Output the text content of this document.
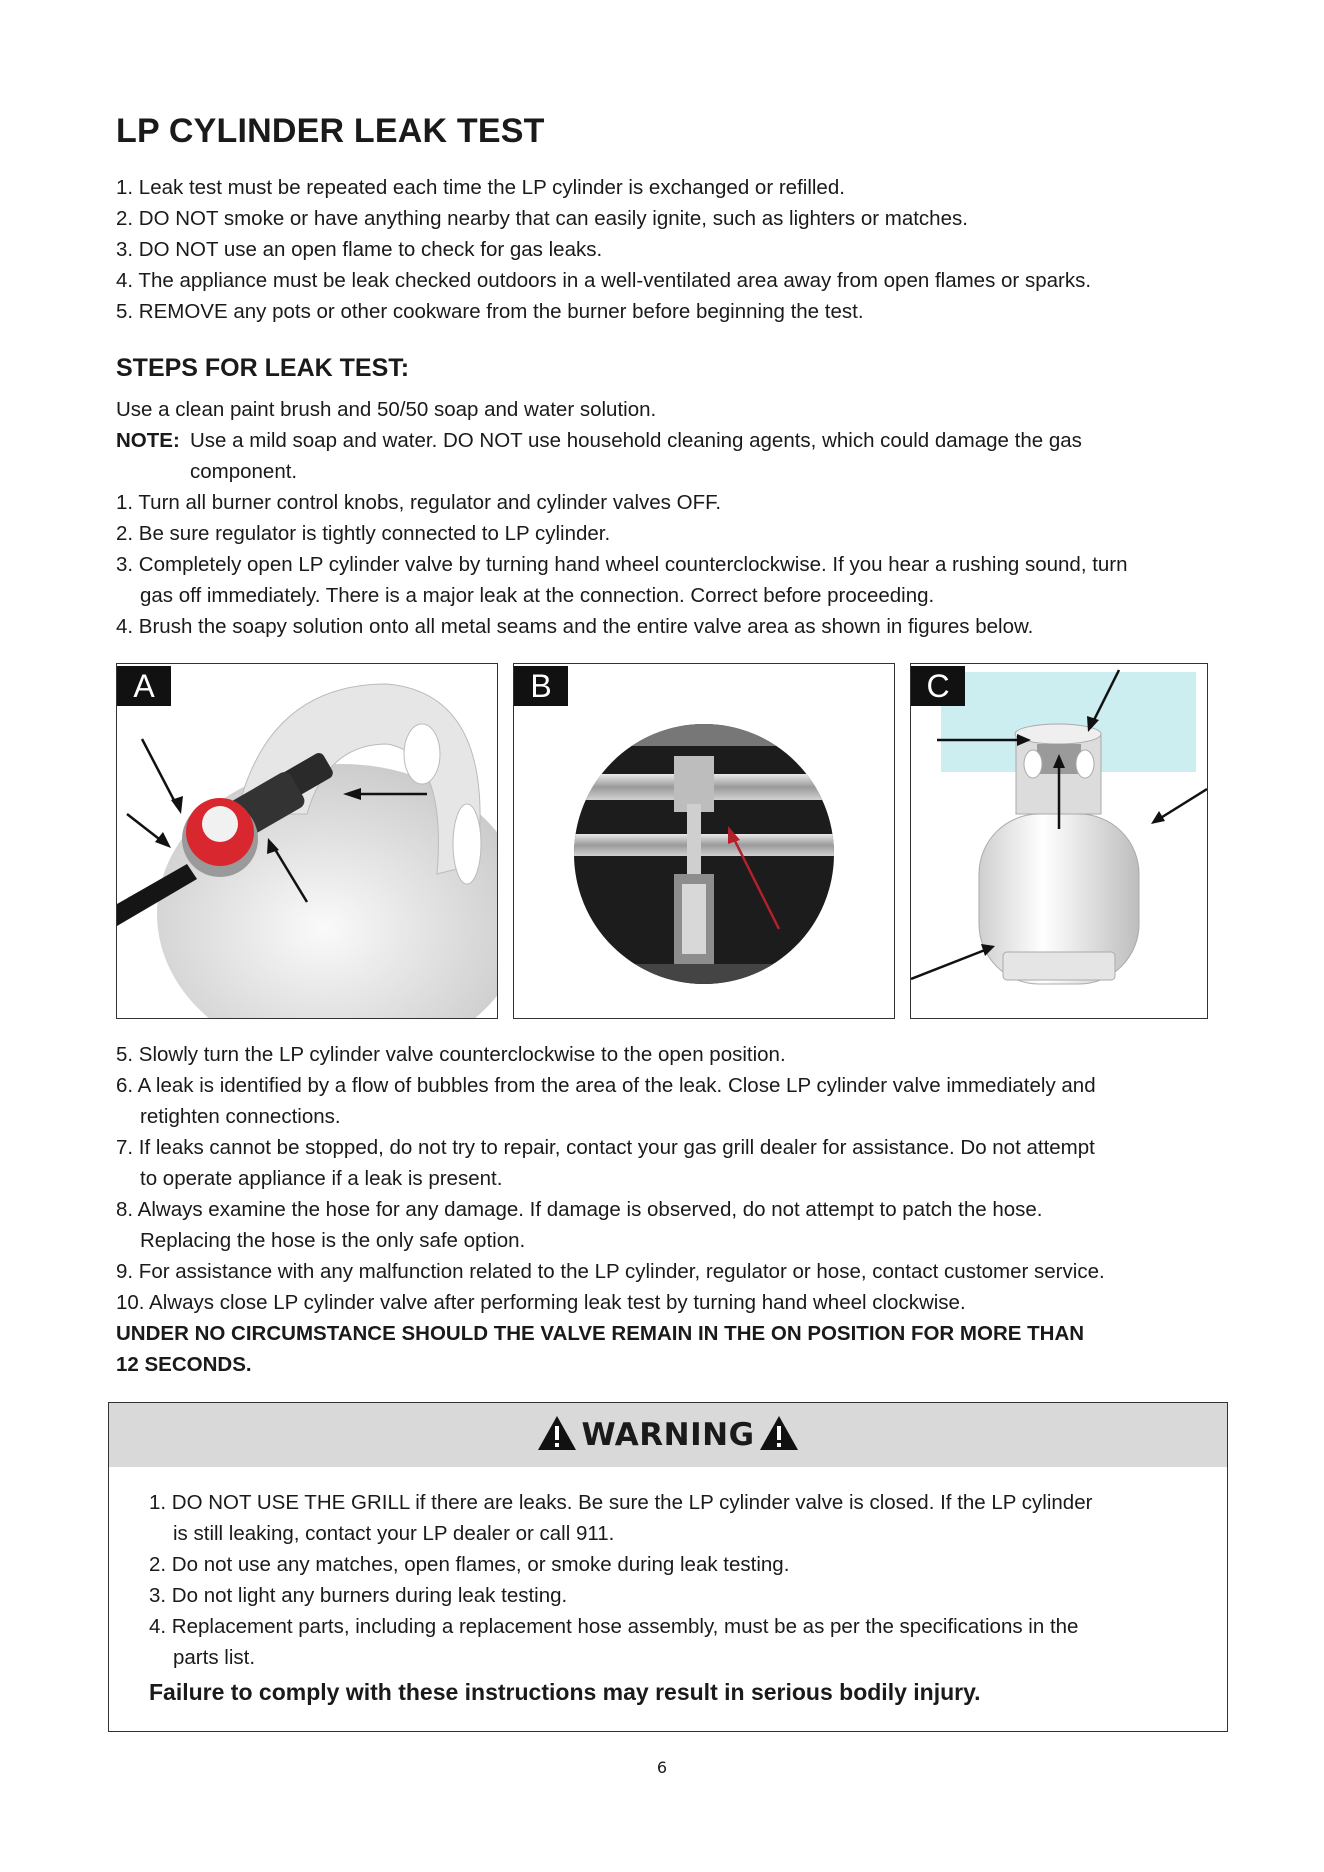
LP CYLINDER LEAK TEST
1. Leak test must be repeated each time the LP cylinder is exchanged or refilled.
2. DO NOT smoke or have anything nearby that can easily ignite, such as lighters or matches.
3. DO NOT use an open flame to check for gas leaks.
4. The appliance must be leak checked outdoors in a well-ventilated area away from open flames or sparks.
5. REMOVE any pots or other cookware from the burner before beginning the test.
STEPS FOR LEAK TEST:
Use a clean paint brush and 50/50 soap and water solution.
NOTE: Use a mild soap and water. DO NOT use household cleaning agents, which could damage the gas
component.
1. Turn all burner control knobs, regulator and cylinder valves OFF.
2. Be sure regulator is tightly connected to LP cylinder.
3. Completely open LP cylinder valve by turning hand wheel counterclockwise. If you hear a rushing sound, turn
gas off immediately. There is a major leak at the connection. Correct before proceeding.
4. Brush the soapy solution onto all metal seams and the entire valve area as shown in figures below.
A	B	C
5. Slowly turn the LP cylinder valve counterclockwise to the open position.
6. A leak is identified by a flow of bubbles from the area of the leak. Close LP cylinder valve immediately and
retighten connections.
7. If leaks cannot be stopped, do not try to repair, contact your gas grill dealer for assistance. Do not attempt
to operate appliance if a leak is present.
8. Always examine the hose for any damage. If damage is observed, do not attempt to patch the hose.
Replacing the hose is the only safe option.
9. For assistance with any malfunction related to the LP cylinder, regulator or hose, contact customer service.
10. Always close LP cylinder valve after performing leak test by turning hand wheel clockwise.
UNDER NO CIRCUMSTANCE SHOULD THE VALVE REMAIN IN THE ON POSITION FOR MORE THAN
12 SECONDS.
WARNING
1. DO NOT USE THE GRILL if there are leaks. Be sure the LP cylinder valve is closed. If the LP cylinder
is still leaking, contact your LP dealer or call 911.
2. Do not use any matches, open flames, or smoke during leak testing.
3. Do not light any burners during leak testing.
4. Replacement parts, including a replacement hose assembly, must be as per the specifications in the
parts list.
Failure to comply with these instructions may result in serious bodily injury.
6
